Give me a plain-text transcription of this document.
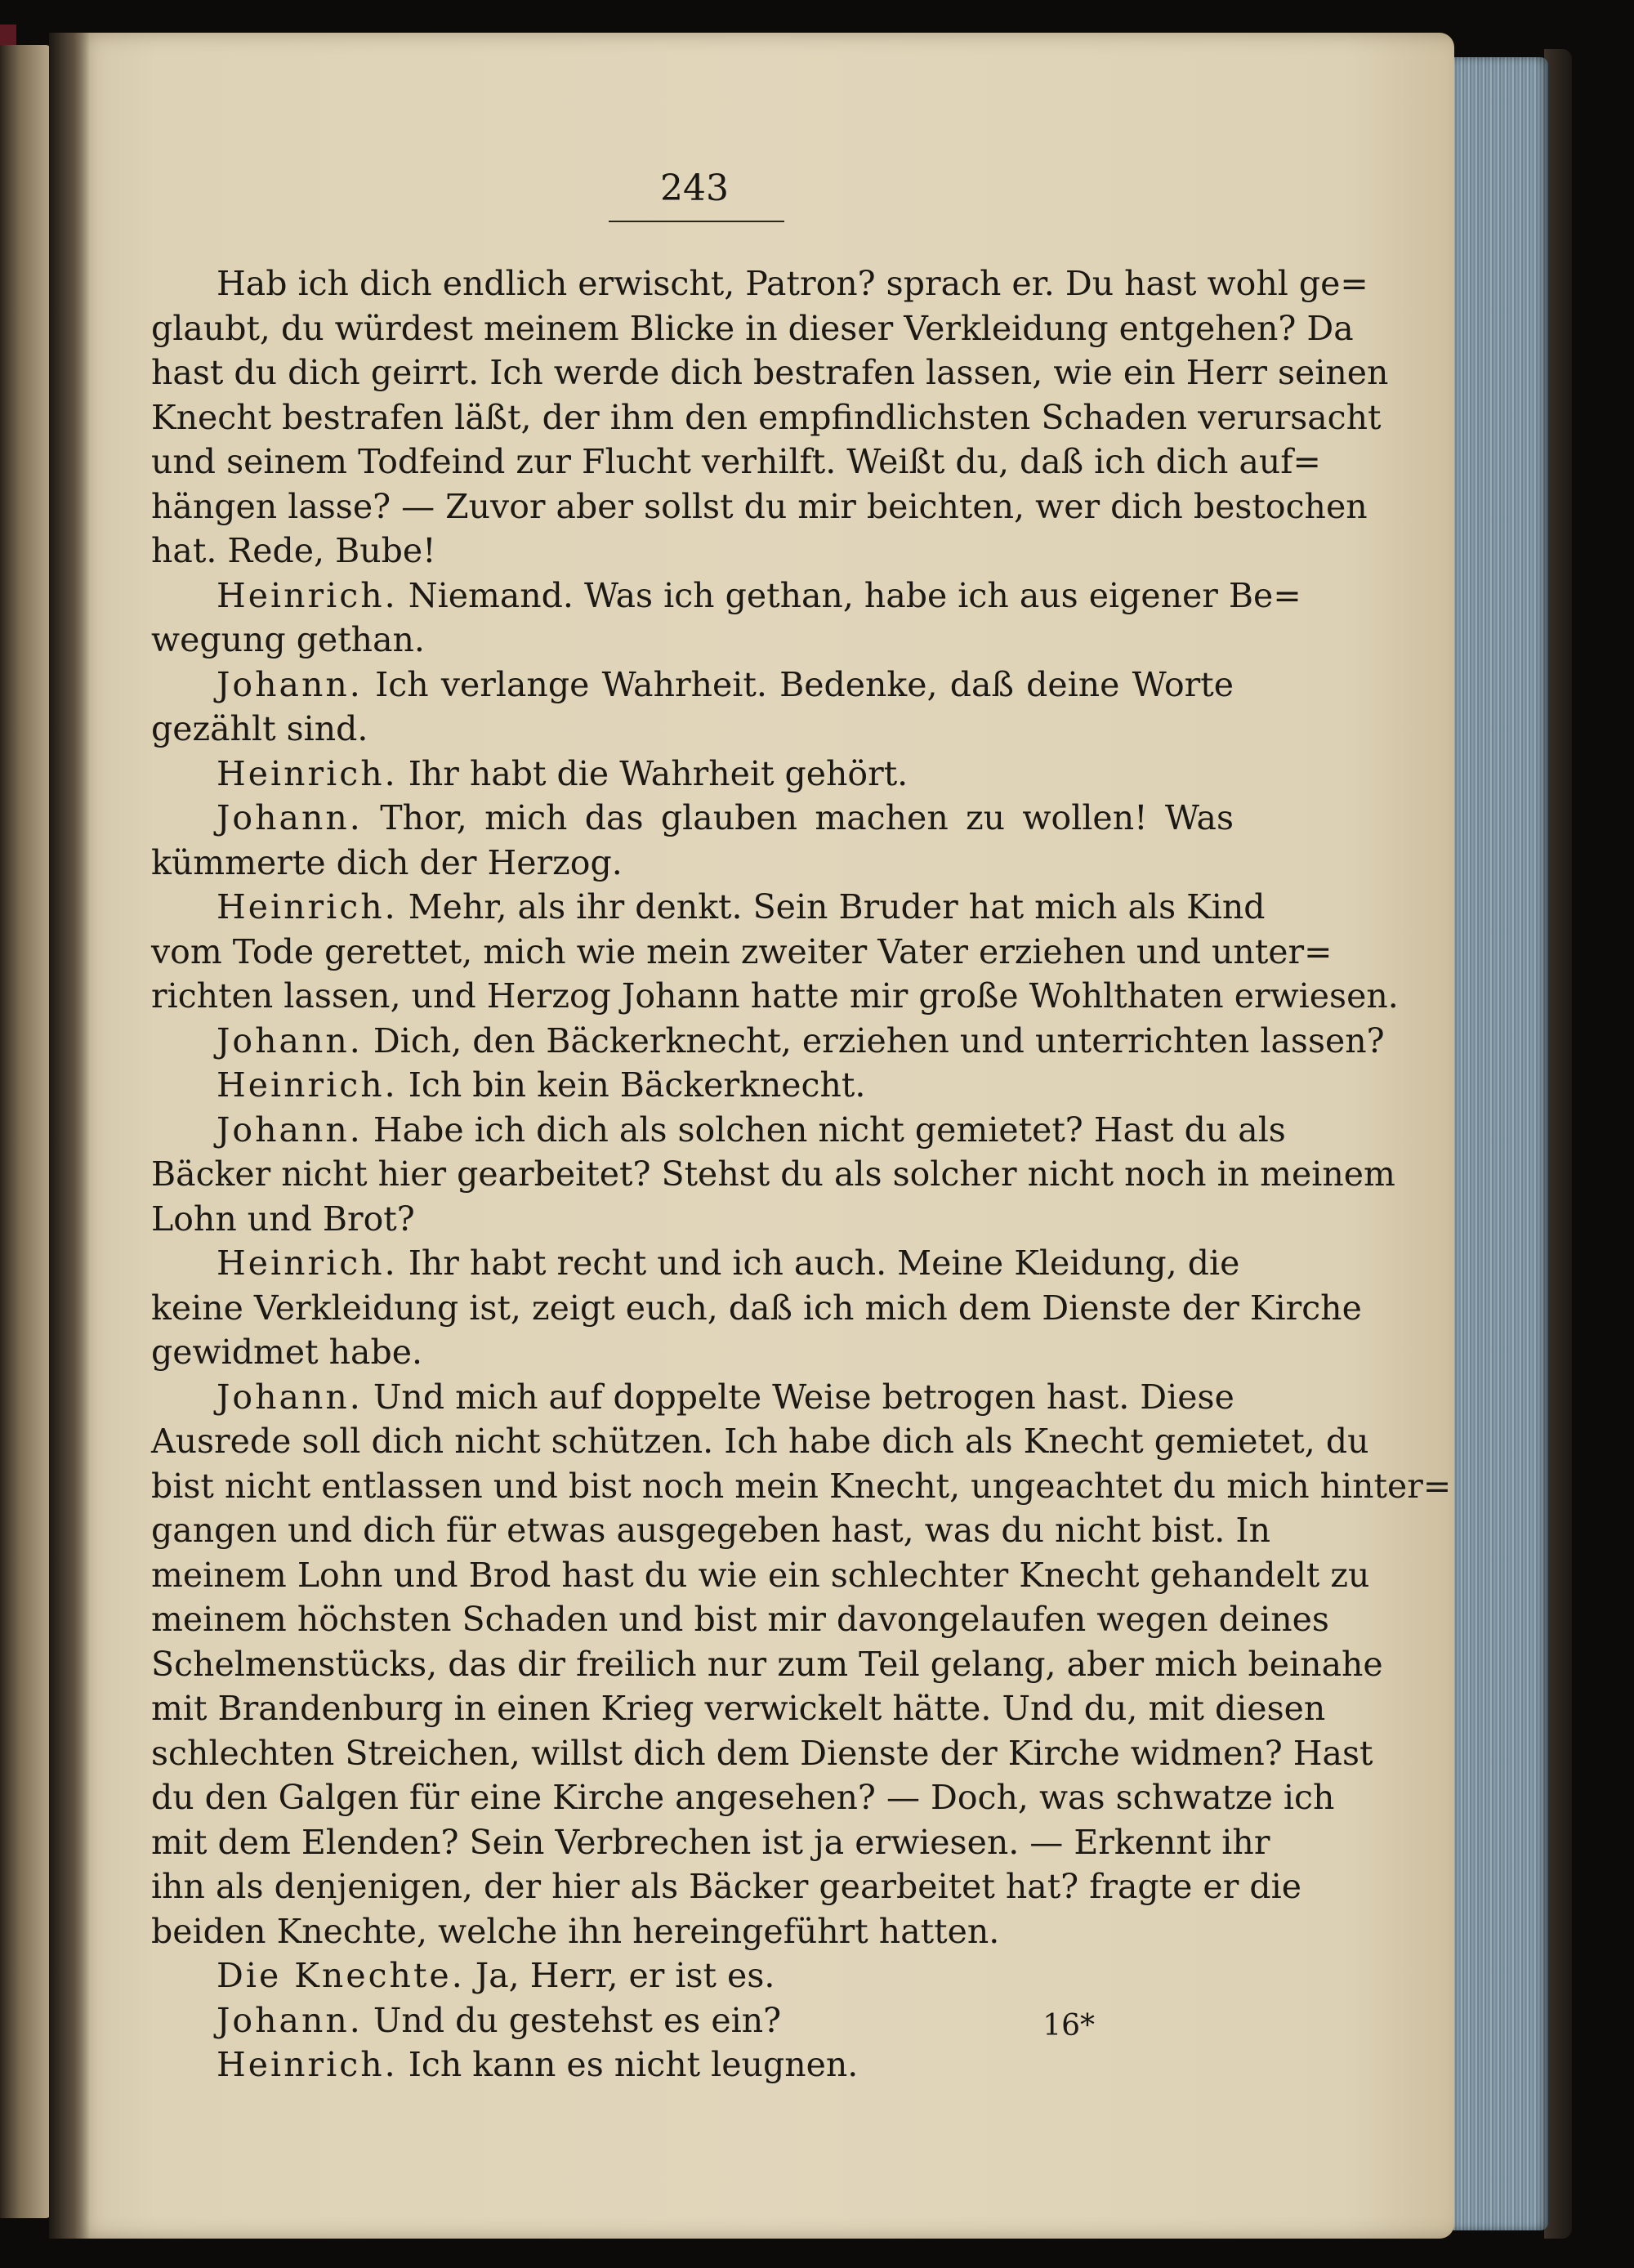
243

Hab ich dich endlich erwischt, Patron? sprach er. Du hast wohl ge=

glaubt, du würdest meinem Blicke in dieser Verkleidung entgehen? Da

hast du dich geirrt. Ich werde dich bestrafen lassen, wie ein Herr seinen

Knecht bestrafen läßt, der ihm den empfindlichsten Schaden verursacht

und seinem Todfeind zur Flucht verhilft. Weißt du, daß ich dich auf=

hängen lasse? — Zuvor aber sollst du mir beichten, wer dich bestochen

hat. Rede, Bube!

Heinrich. Niemand. Was ich gethan, habe ich aus eigener Be=

wegung gethan.

Johann. Ich verlange Wahrheit. Bedenke, daß deine Worte

gezählt sind.

Heinrich. Ihr habt die Wahrheit gehört.

Johann. Thor, mich das glauben machen zu wollen! Was

kümmerte dich der Herzog.

Heinrich. Mehr, als ihr denkt. Sein Bruder hat mich als Kind

vom Tode gerettet, mich wie mein zweiter Vater erziehen und unter=

richten lassen, und Herzog Johann hatte mir große Wohlthaten erwiesen.

Johann. Dich, den Bäckerknecht, erziehen und unterrichten lassen?

Heinrich. Ich bin kein Bäckerknecht.

Johann. Habe ich dich als solchen nicht gemietet? Hast du als

Bäcker nicht hier gearbeitet? Stehst du als solcher nicht noch in meinem

Lohn und Brot?

Heinrich. Ihr habt recht und ich auch. Meine Kleidung, die

keine Verkleidung ist, zeigt euch, daß ich mich dem Dienste der Kirche

gewidmet habe.

Johann. Und mich auf doppelte Weise betrogen hast. Diese

Ausrede soll dich nicht schützen. Ich habe dich als Knecht gemietet, du

bist nicht entlassen und bist noch mein Knecht, ungeachtet du mich hinter=

gangen und dich für etwas ausgegeben hast, was du nicht bist. In

meinem Lohn und Brod hast du wie ein schlechter Knecht gehandelt zu

meinem höchsten Schaden und bist mir davongelaufen wegen deines

Schelmenstücks, das dir freilich nur zum Teil gelang, aber mich beinahe

mit Brandenburg in einen Krieg verwickelt hätte. Und du, mit diesen

schlechten Streichen, willst dich dem Dienste der Kirche widmen? Hast

du den Galgen für eine Kirche angesehen? — Doch, was schwatze ich

mit dem Elenden? Sein Verbrechen ist ja erwiesen. — Erkennt ihr

ihn als denjenigen, der hier als Bäcker gearbeitet hat? fragte er die

beiden Knechte, welche ihn hereingeführt hatten.

Die Knechte. Ja, Herr, er ist es.

Johann. Und du gestehst es ein?

Heinrich. Ich kann es nicht leugnen.

16*
